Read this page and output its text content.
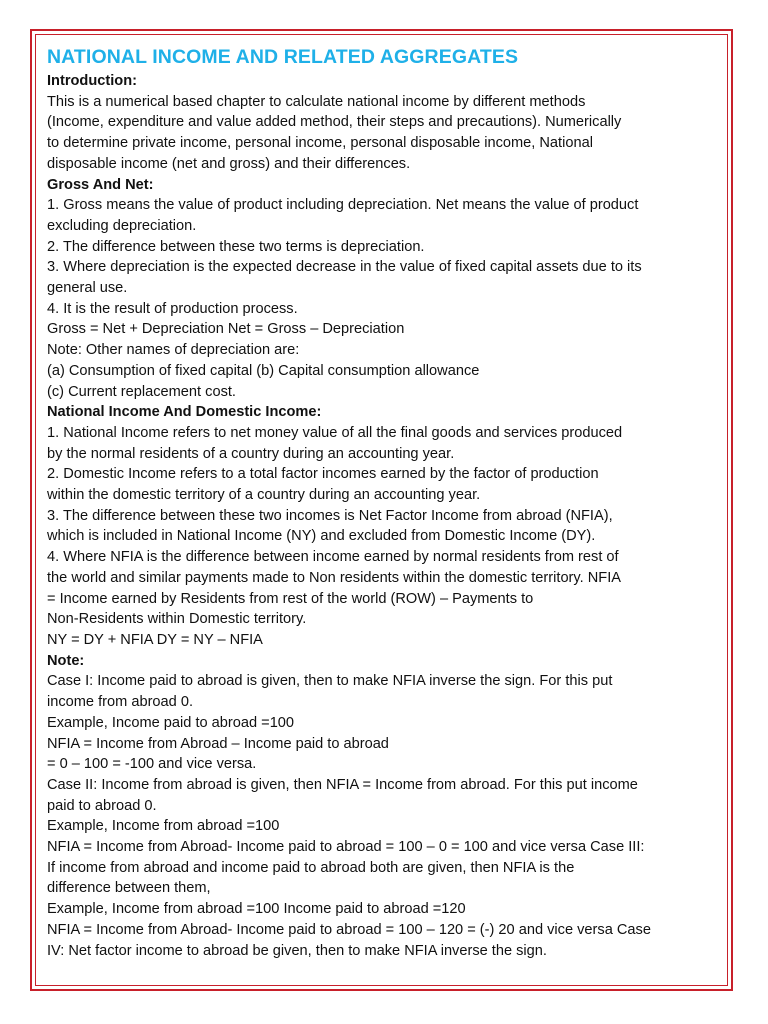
NATIONAL INCOME AND RELATED AGGREGATES
Introduction:
This is a numerical based chapter to calculate national income by different methods
(Income, expenditure and value added method, their steps and precautions). Numerically
to determine private income, personal income, personal disposable income, National
disposable income (net and gross) and their differences.
Gross And Net:
1. Gross means the value of product including depreciation. Net means the value of product
excluding depreciation.
2. The difference between these two terms is depreciation.
3. Where depreciation is the expected decrease in the value of fixed capital assets due to its
general use.
4. It is the result of production process.
Gross = Net + Depreciation Net = Gross – Depreciation
Note: Other names of depreciation are:
(a) Consumption of fixed capital (b) Capital consumption allowance
(c) Current replacement cost.
National Income And Domestic Income:
1. National Income refers to net money value of all the final goods and services produced
by the normal residents of a country during an accounting year.
2. Domestic Income refers to a total factor incomes earned by the factor of production
within the domestic territory of a country during an accounting year.
3. The difference between these two incomes is Net Factor Income from abroad (NFIA),
which is included in National Income (NY) and excluded from Domestic Income (DY).
4. Where NFIA is the difference between income earned by normal residents from rest of
the world and similar payments made to Non residents within the domestic territory. NFIA
= Income earned by Residents from rest of the world (ROW) – Payments to
Non-Residents within Domestic territory.
NY = DY + NFIA DY = NY – NFIA
Note:
Case I: Income paid to abroad is given, then to make NFIA inverse the sign. For this put
income from abroad 0.
Example, Income paid to abroad =100
NFIA = Income from Abroad – Income paid to abroad
= 0 – 100 = -100 and vice versa.
Case II: Income from abroad is given, then NFIA = Income from abroad. For this put income
paid to abroad 0.
Example, Income from abroad =100
NFIA = Income from Abroad- Income paid to abroad = 100 – 0 = 100 and vice versa Case III:
If income from abroad and income paid to abroad both are given, then NFIA is the
difference between them,
Example, Income from abroad =100 Income paid to abroad =120
NFIA = Income from Abroad- Income paid to abroad = 100 – 120 = (-) 20 and vice versa Case
IV: Net factor income to abroad be given, then to make NFIA inverse the sign.
